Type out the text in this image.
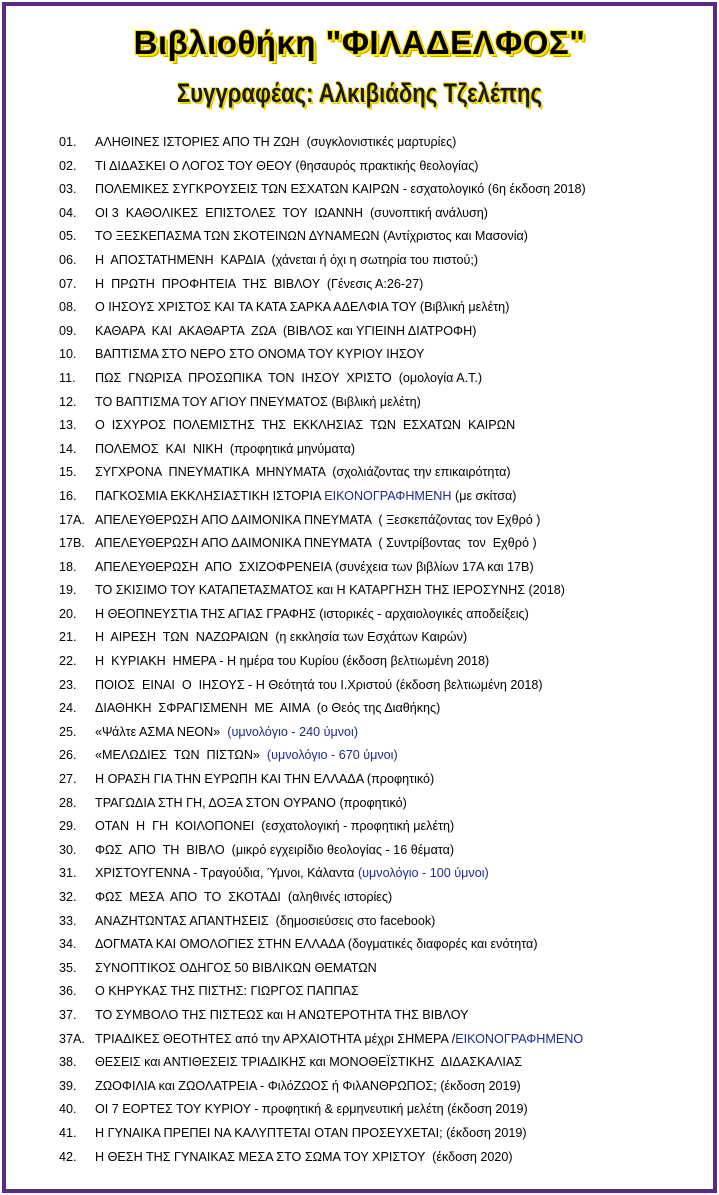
Βιβλιοθήκη "ΦΙΛΑΔΕΛΦΟΣ"
Συγγραφέας: Αλκιβιάδης Τζελέπης
01. ΑΛΗΘΙΝΕΣ ΙΣΤΟΡΙΕΣ ΑΠΟ ΤΗ ΖΩΗ  (συγκλονιστικές μαρτυρίες)
02. ΤΙ ΔΙΔΑΣΚΕΙ Ο ΛΟΓΟΣ ΤΟΥ ΘΕΟΥ (θησαυρός πρακτικής θεολογίας)
03. ΠΟΛΕΜΙΚΕΣ ΣΥΓΚΡΟΥΣΕΙΣ ΤΩΝ ΕΣΧΑΤΩΝ ΚΑΙΡΩΝ - εσχατολογικό (6η έκδοση 2018)
04. ΟΙ 3  ΚΑΘΟΛΙΚΕΣ  ΕΠΙΣΤΟΛΕΣ  ΤΟΥ  ΙΩΑΝΝΗ  (συνοπτική ανάλυση)
05. ΤΟ ΞΕΣΚΕΠΑΣΜΑ ΤΩΝ ΣΚΟΤΕΙΝΩΝ ΔΥΝΑΜΕΩΝ (Αντίχριστος και Μασονία)
06. Η  ΑΠΟΣΤΑΤΗΜΕΝΗ  ΚΑΡΔΙΑ  (χάνεται ή όχι η σωτηρία του πιστού;)
07. Η  ΠΡΩΤΗ  ΠΡΟΦΗΤΕΙΑ  ΤΗΣ  ΒΙΒΛΟΥ  (Γένεσις Α:26-27)
08. Ο ΙΗΣΟΥΣ ΧΡΙΣΤΟΣ ΚΑΙ ΤΑ ΚΑΤΑ ΣΑΡΚΑ ΑΔΕΛΦΙΑ ΤΟΥ (Βιβλική μελέτη)
09. ΚΑΘΑΡΑ  ΚΑΙ  ΑΚΑΘΑΡΤΑ  ΖΩΑ  (ΒΙΒΛΟΣ και ΥΓΙΕΙΝΗ ΔΙΑΤΡΟΦΗ)
10. ΒΑΠΤΙΣΜΑ ΣΤΟ ΝΕΡΟ ΣΤΟ ΟΝΟΜΑ ΤΟΥ ΚΥΡΙΟΥ ΙΗΣΟΥ
11. ΠΩΣ  ΓΝΩΡΙΣΑ  ΠΡΟΣΩΠΙΚΑ  ΤΟΝ  ΙΗΣΟΥ  ΧΡΙΣΤΟ  (ομολογία Α.Τ.)
12. ΤΟ ΒΑΠΤΙΣΜΑ ΤΟΥ ΑΓΙΟΥ ΠΝΕΥΜΑΤΟΣ (Βιβλική μελέτη)
13. Ο  ΙΣΧΥΡΟΣ  ΠΟΛΕΜΙΣΤΗΣ  ΤΗΣ  ΕΚΚΛΗΣΙΑΣ  ΤΩΝ  ΕΣΧΑΤΩΝ  ΚΑΙΡΩΝ
14. ΠΟΛΕΜΟΣ  ΚΑΙ  ΝΙΚΗ  (προφητικά μηνύματα)
15. ΣΥΓΧΡΟΝΑ  ΠΝΕΥΜΑΤΙΚΑ  ΜΗΝΥΜΑΤΑ  (σχολιάζοντας την επικαιρότητα)
16. ΠΑΓΚΟΣΜΙΑ ΕΚΚΛΗΣΙΑΣΤΙΚΗ ΙΣΤΟΡΙΑ ΕΙΚΟΝΟΓΡΑΦΗΜΕΝΗ (με σκίτσα)
17Α. ΑΠΕΛΕΥΘΕΡΩΣΗ ΑΠΟ ΔΑΙΜΟΝΙΚΑ ΠΝΕΥΜΑΤΑ  ( Ξεσκεπάζοντας τον Εχθρό )
17Β. ΑΠΕΛΕΥΘΕΡΩΣΗ ΑΠΟ ΔΑΙΜΟΝΙΚΑ ΠΝΕΥΜΑΤΑ  ( Συντρίβοντας  τον  Εχθρό )
18. ΑΠΕΛΕΥΘΕΡΩΣΗ  ΑΠΟ  ΣΧΙΖΟΦΡΕΝΕΙΑ (συνέχεια των βιβλίων 17Α και 17Β)
19. ΤΟ ΣΚΙΣΙΜΟ ΤΟΥ ΚΑΤΑΠΕΤΑΣΜΑΤΟΣ και Η ΚΑΤΑΡΓΗΣΗ ΤΗΣ ΙΕΡΟΣΥΝΗΣ (2018)
20. Η ΘΕΟΠΝΕΥΣΤΙΑ ΤΗΣ ΑΓΙΑΣ ΓΡΑΦΗΣ (ιστορικές - αρχαιολογικές αποδείξεις)
21. Η  ΑΙΡΕΣΗ  ΤΩΝ  ΝΑΖΩΡΑΙΩΝ  (η εκκλησία των Εσχάτων Καιρών)
22. Η  ΚΥΡΙΑΚΗ  ΗΜΕΡΑ - Η ημέρα του Κυρίου (έκδοση βελτιωμένη 2018)
23. ΠΟΙΟΣ  ΕΙΝΑΙ  Ο  ΙΗΣΟΥΣ - Η Θεότητά του Ι.Χριστού (έκδοση βελτιωμένη 2018)
24. ΔΙΑΘΗΚΗ  ΣΦΡΑΓΙΣΜΕΝΗ  ΜΕ  ΑΙΜΑ  (ο Θεός της Διαθήκης)
25. «Ψάλτε ΑΣΜΑ ΝΕΟΝ»  (υμνολόγιο - 240 ύμνοι)
26. «ΜΕΛΩΔΙΕΣ  ΤΩΝ  ΠΙΣΤΩΝ»  (υμνολόγιο - 670 ύμνοι)
27. Η ΟΡΑΣΗ ΓΙΑ ΤΗΝ ΕΥΡΩΠΗ ΚΑΙ ΤΗΝ ΕΛΛΑΔΑ (προφητικό)
28. ΤΡΑΓΩΔΙΑ ΣΤΗ ΓΗ, ΔΟΞΑ ΣΤΟΝ ΟΥΡΑΝΟ (προφητικό)
29. ΟΤΑΝ  Η  ΓΗ  ΚΟΙΛΟΠΟΝΕΙ  (εσχατολογική - προφητική μελέτη)
30. ΦΩΣ  ΑΠΟ  ΤΗ  ΒΙΒΛΟ  (μικρό εγχειρίδιο θεολογίας - 16 θέματα)
31. ΧΡΙΣΤΟΥΓΕΝΝΑ - Τραγούδια, Ύμνοι, Κάλαντα (υμνολόγιο - 100 ύμνοι)
32. ΦΩΣ  ΜΕΣΑ  ΑΠΟ  ΤΟ  ΣΚΟΤΑΔΙ  (αληθινές ιστορίες)
33. ΑΝΑΖΗΤΩΝΤΑΣ ΑΠΑΝΤΗΣΕΙΣ  (δημοσιεύσεις στο facebook)
34. ΔΟΓΜΑΤΑ ΚΑΙ ΟΜΟΛΟΓΙΕΣ ΣΤΗΝ ΕΛΛΑΔΑ (δογματικές διαφορές και ενότητα)
35. ΣΥΝΟΠΤΙΚΟΣ ΟΔΗΓΟΣ 50 ΒΙΒΛΙΚΩΝ ΘΕΜΑΤΩΝ
36. Ο ΚΗΡΥΚΑΣ ΤΗΣ ΠΙΣΤΗΣ: ΓΙΩΡΓΟΣ ΠΑΠΠΑΣ
37. ΤΟ ΣΥΜΒΟΛΟ ΤΗΣ ΠΙΣΤΕΩΣ και Η ΑΝΩΤΕΡΟΤΗΤΑ ΤΗΣ ΒΙΒΛΟΥ
37Α. ΤΡΙΑΔΙΚΕΣ ΘΕΟΤΗΤΕΣ από την ΑΡΧΑΙΟΤΗΤΑ μέχρι ΣΗΜΕΡΑ /ΕΙΚΟΝΟΓΡΑΦΗΜΕΝΟ
38. ΘΕΣΕΙΣ και ΑΝΤΙΘΕΣΕΙΣ ΤΡΙΑΔΙΚΗΣ και ΜΟΝΟΘΕΪΣΤΙΚΗΣ  ΔΙΔΑΣΚΑΛΙΑΣ
39. ΖΩΟΦΙΛΙΑ και ΖΩΟΛΑΤΡΕΙΑ - ΦιλόΖΩΟΣ ή ΦιλΑΝΘΡΩΠΟΣ; (έκδοση 2019)
40. ΟΙ 7 ΕΟΡΤΕΣ ΤΟΥ ΚΥΡΙΟΥ - προφητική & ερμηνευτική μελέτη (έκδοση 2019)
41. Η ΓΥΝΑΙΚΑ ΠΡΕΠΕΙ ΝΑ ΚΑΛΥΠΤΕΤΑΙ ΟΤΑΝ ΠΡΟΣΕΥΧΕΤΑΙ; (έκδοση 2019)
42. Η ΘΕΣΗ ΤΗΣ ΓΥΝΑΙΚΑΣ ΜΕΣΑ ΣΤΟ ΣΩΜΑ ΤΟΥ ΧΡΙΣΤΟΥ  (έκδοση 2020)
